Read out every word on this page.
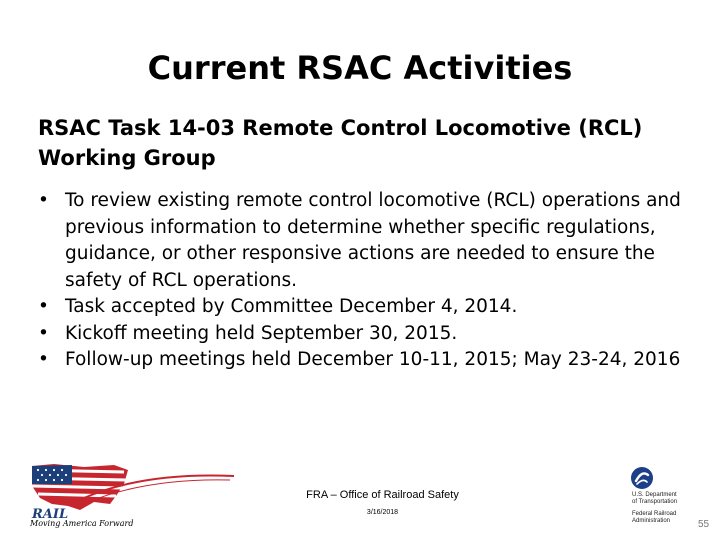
Current RSAC Activities
RSAC Task 14-03 Remote Control Locomotive (RCL)
Working Group
• To review existing remote control locomotive (RCL) operations and previous information to determine whether specific regulations, guidance, or other responsive actions are needed to ensure the safety of RCL operations.
• Task accepted by Committee December 4, 2014.
• Kickoff meeting held September 30, 2015.
• Follow-up meetings held December 10-11, 2015; May 23-24, 2016
RAIL
Moving America Forward
FRA – Office of Railroad Safety
3/16/2018
U.S. Department
of Transportation
Federal Railroad
Administration	55
